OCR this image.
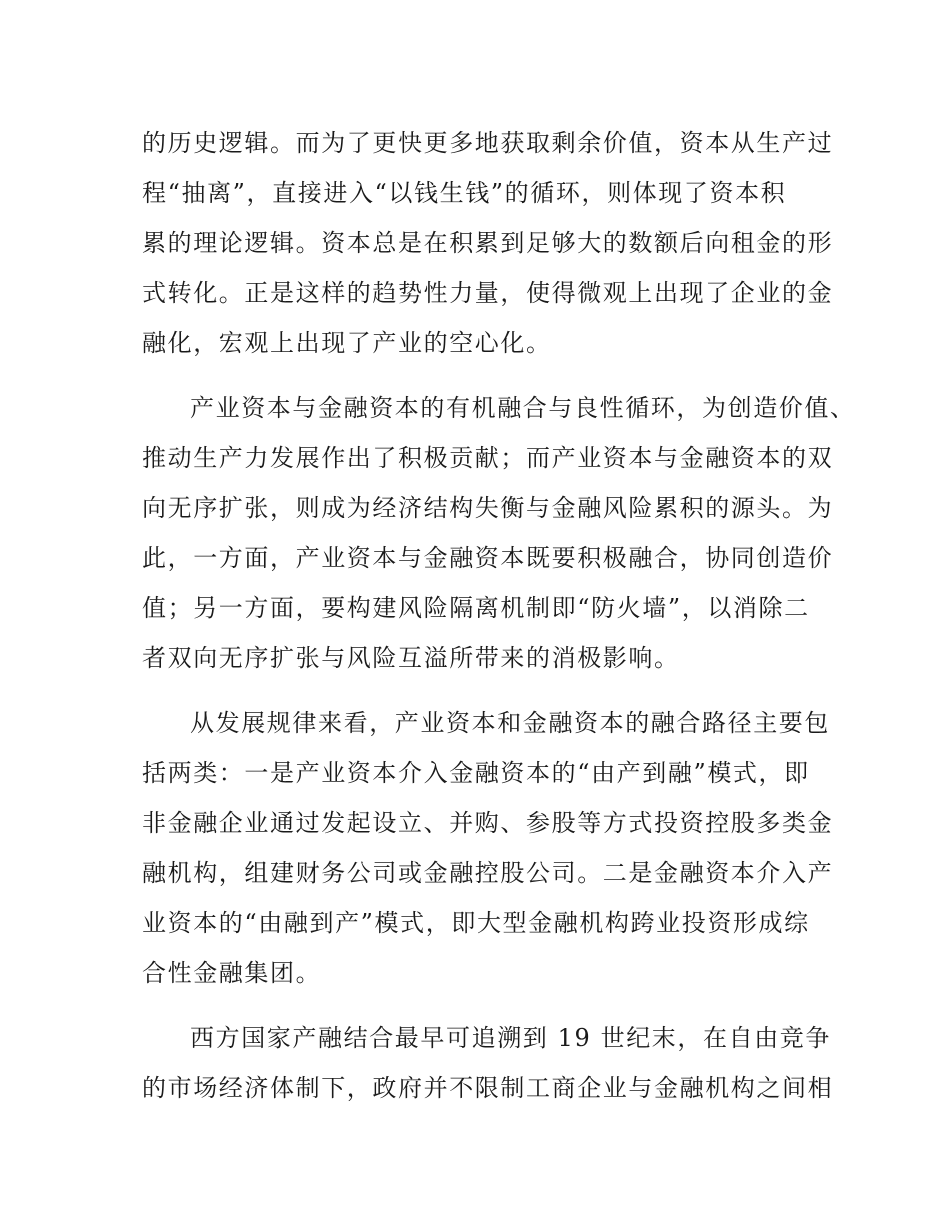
的历史逻辑。而为了更快更多地获取剩余价值，资本从生产过
程“抽离”，直接进入“以钱生钱”的循环，则体现了资本积
累的理论逻辑。资本总是在积累到足够大的数额后向租金的形
式转化。正是这样的趋势性力量，使得微观上出现了企业的金
融化，宏观上出现了产业的空心化。
产业资本与金融资本的有机融合与良性循环，为创造价值、
推动生产力发展作出了积极贡献；而产业资本与金融资本的双
向无序扩张，则成为经济结构失衡与金融风险累积的源头。为
此，一方面，产业资本与金融资本既要积极融合，协同创造价
值；另一方面，要构建风险隔离机制即“防火墙”，以消除二
者双向无序扩张与风险互溢所带来的消极影响。
从发展规律来看，产业资本和金融资本的融合路径主要包
括两类：一是产业资本介入金融资本的“由产到融”模式，即
非金融企业通过发起设立、并购、参股等方式投资控股多类金
融机构，组建财务公司或金融控股公司。二是金融资本介入产
业资本的“由融到产”模式，即大型金融机构跨业投资形成综
合性金融集团。
西方国家产融结合最早可追溯到 19 世纪末，在自由竞争
的市场经济体制下，政府并不限制工商企业与金融机构之间相
